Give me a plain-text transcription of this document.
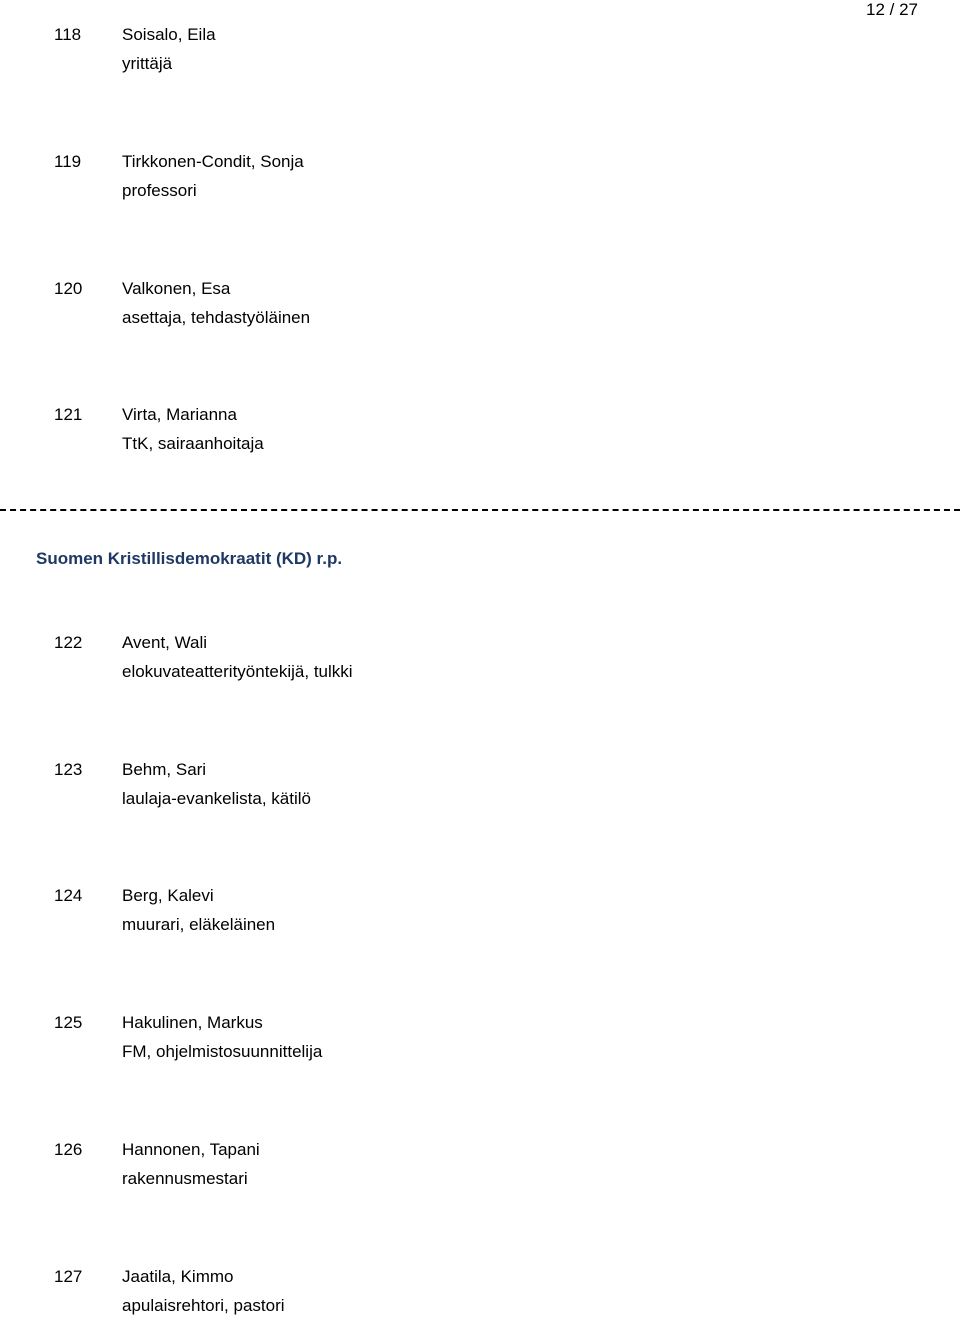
12 / 27
118 Soisalo, Eila
yrittäjä
119 Tirkkonen-Condit, Sonja
professori
120 Valkonen, Esa
asettaja, tehdastyöläinen
121 Virta, Marianna
TtK, sairaanhoitaja
Suomen Kristillisdemokraatit (KD) r.p.
122 Avent, Wali
elokuvateatterityöntekijä, tulkki
123 Behm, Sari
laulaja-evankelista, kätilö
124 Berg, Kalevi
muurari, eläkeläinen
125 Hakulinen, Markus
FM, ohjelmistosuunnittelija
126 Hannonen, Tapani
rakennusmestari
127 Jaatila, Kimmo
apulaisrehtori, pastori
